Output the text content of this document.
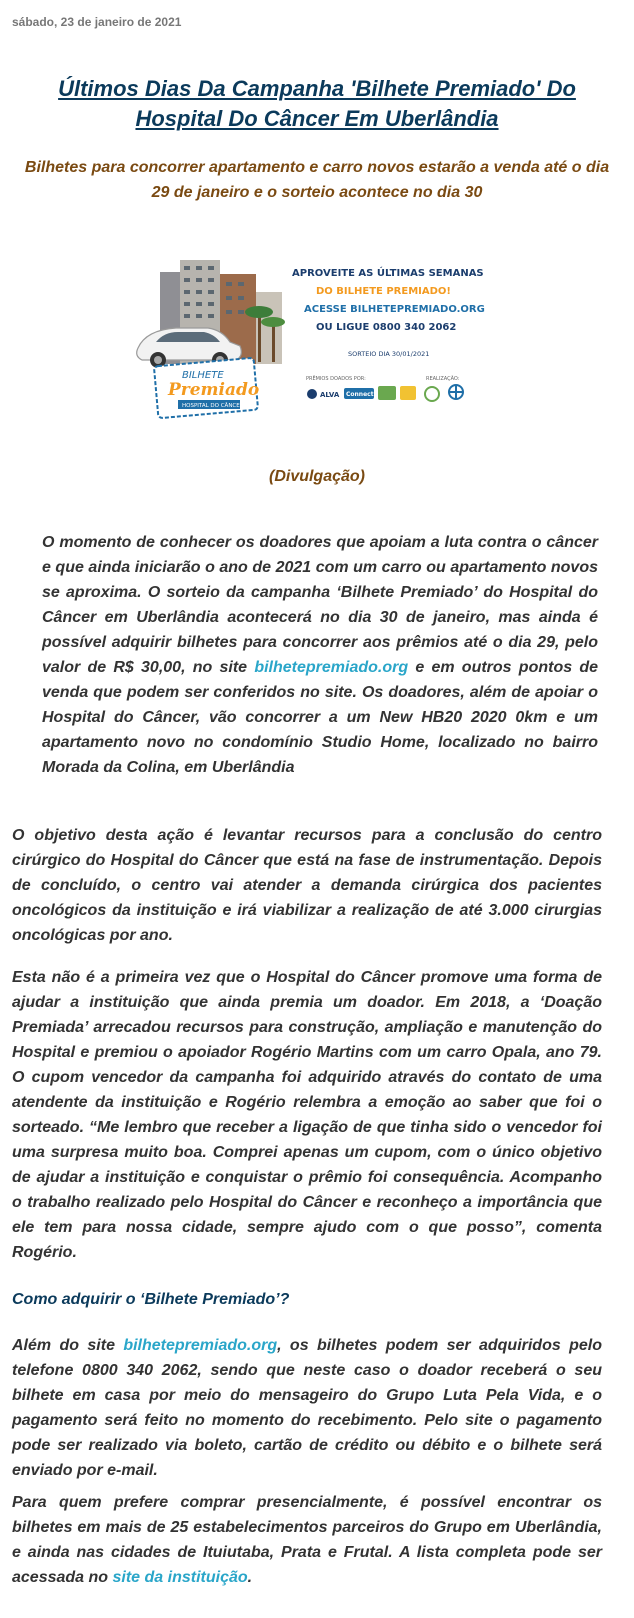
sábado, 23 de janeiro de 2021
Últimos Dias Da Campanha 'Bilhete Premiado' Do Hospital Do Câncer Em Uberlândia
Bilhetes para concorrer apartamento e carro novos estarão a venda até o dia 29 de janeiro e o sorteio acontece no dia 30
BILHETE
Premiado
HOSPITAL DO CÂNCER
APROVEITE AS ÚLTIMAS SEMANAS
DO BILHETE PREMIADO!
ACESSE BILHETEPREMIADO.ORG
OU LIGUE 0800 340 2062
SORTEIO DIA 30/01/2021
PRÊMIOS DOADOS POR:	REALIZAÇÃO:
ALVA Connect
(Divulgação)
O momento de conhecer os doadores que apoiam a luta contra o câncer e que ainda iniciarão o ano de 2021 com um carro ou apartamento novos se aproxima. O sorteio da campanha ‘Bilhete Premiado’ do Hospital do Câncer em Uberlândia acontecerá no dia 30 de janeiro, mas ainda é possível adquirir bilhetes para concorrer aos prêmios até o dia 29, pelo valor de R$ 30,00, no site bilhetepremiado.org e em outros pontos de venda que podem ser conferidos no site. Os doadores, além de apoiar o Hospital do Câncer, vão concorrer a um New HB20 2020 0km e um apartamento novo no condomínio Studio Home, localizado no bairro Morada da Colina, em Uberlândia
O objetivo desta ação é levantar recursos para a conclusão do centro cirúrgico do Hospital do Câncer que está na fase de instrumentação. Depois de concluído, o centro vai atender a demanda cirúrgica dos pacientes oncológicos da instituição e irá viabilizar a realização de até 3.000 cirurgias oncológicas por ano.
Esta não é a primeira vez que o Hospital do Câncer promove uma forma de ajudar a instituição que ainda premia um doador. Em 2018, a ‘Doação Premiada’ arrecadou recursos para construção, ampliação e manutenção do Hospital e premiou o apoiador Rogério Martins com um carro Opala, ano 79. O cupom vencedor da campanha foi adquirido através do contato de uma atendente da instituição e Rogério relembra a emoção ao saber que foi o sorteado. “Me lembro que receber a ligação de que tinha sido o vencedor foi uma surpresa muito boa. Comprei apenas um cupom, com o único objetivo de ajudar a instituição e conquistar o prêmio foi consequência. Acompanho o trabalho realizado pelo Hospital do Câncer e reconheço a importância que ele tem para nossa cidade, sempre ajudo com o que posso”, comenta Rogério.
Como adquirir o ‘Bilhete Premiado’?
Além do site bilhetepremiado.org, os bilhetes podem ser adquiridos pelo telefone 0800 340 2062, sendo que neste caso o doador receberá o seu bilhete em casa por meio do mensageiro do Grupo Luta Pela Vida, e o pagamento será feito no momento do recebimento. Pelo site o pagamento pode ser realizado via boleto, cartão de crédito ou débito e o bilhete será enviado por e-mail.
Para quem prefere comprar presencialmente, é possível encontrar os bilhetes em mais de 25 estabelecimentos parceiros do Grupo em Uberlândia, e ainda nas cidades de Ituiutaba, Prata e Frutal. A lista completa pode ser acessada no site da instituição.
